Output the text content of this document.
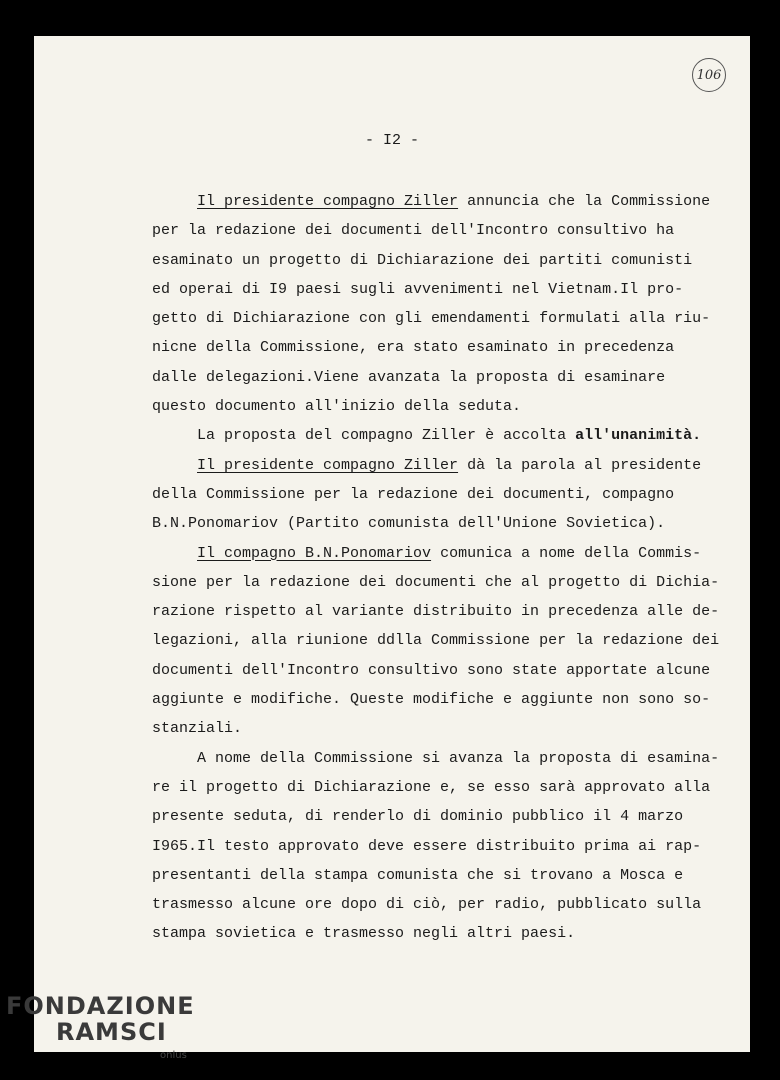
106
- I2 -
Il presidente compagno Ziller annuncia che la Commissione
per la redazione dei documenti dell'Incontro consultivo ha
esaminato un progetto di Dichiarazione dei partiti comunisti
ed operai di I9 paesi sugli avvenimenti nel Vietnam.Il pro-
getto di Dichiarazione con gli emendamenti formulati alla riu-
nicne della Commissione, era stato esaminato in precedenza
dalle delegazioni.Viene avanzata la proposta di esaminare
questo documento all'inizio della seduta.
La proposta del compagno Ziller è accolta all'unanimità.
Il presidente compagno Ziller dà la parola al presidente
della Commissione per la redazione dei documenti, compagno
B.N.Ponomariov (Partito comunista dell'Unione Sovietica).
Il compagno B.N.Ponomariov comunica a nome della Commis-
sione per la redazione dei documenti che al progetto di Dichia-
razione rispetto al variante distribuito in precedenza alle de-
legazioni, alla riunione ddlla Commissione per la redazione dei
documenti dell'Incontro consultivo sono state apportate alcune
aggiunte e modifiche. Queste modifiche e aggiunte non sono so-
stanziali.
A nome della Commissione si avanza la proposta di esamina-
re il progetto di Dichiarazione e, se esso sarà approvato alla
presente seduta, di renderlo di dominio pubblico il 4 marzo
I965.Il testo approvato deve essere distribuito prima ai rap-
presentanti della stampa comunista che si trovano a Mosca e
trasmesso alcune ore dopo di ciò, per radio, pubblicato sulla
stampa sovietica e trasmesso negli altri paesi.
FONDAZIONE
RAMSCI
onlus
